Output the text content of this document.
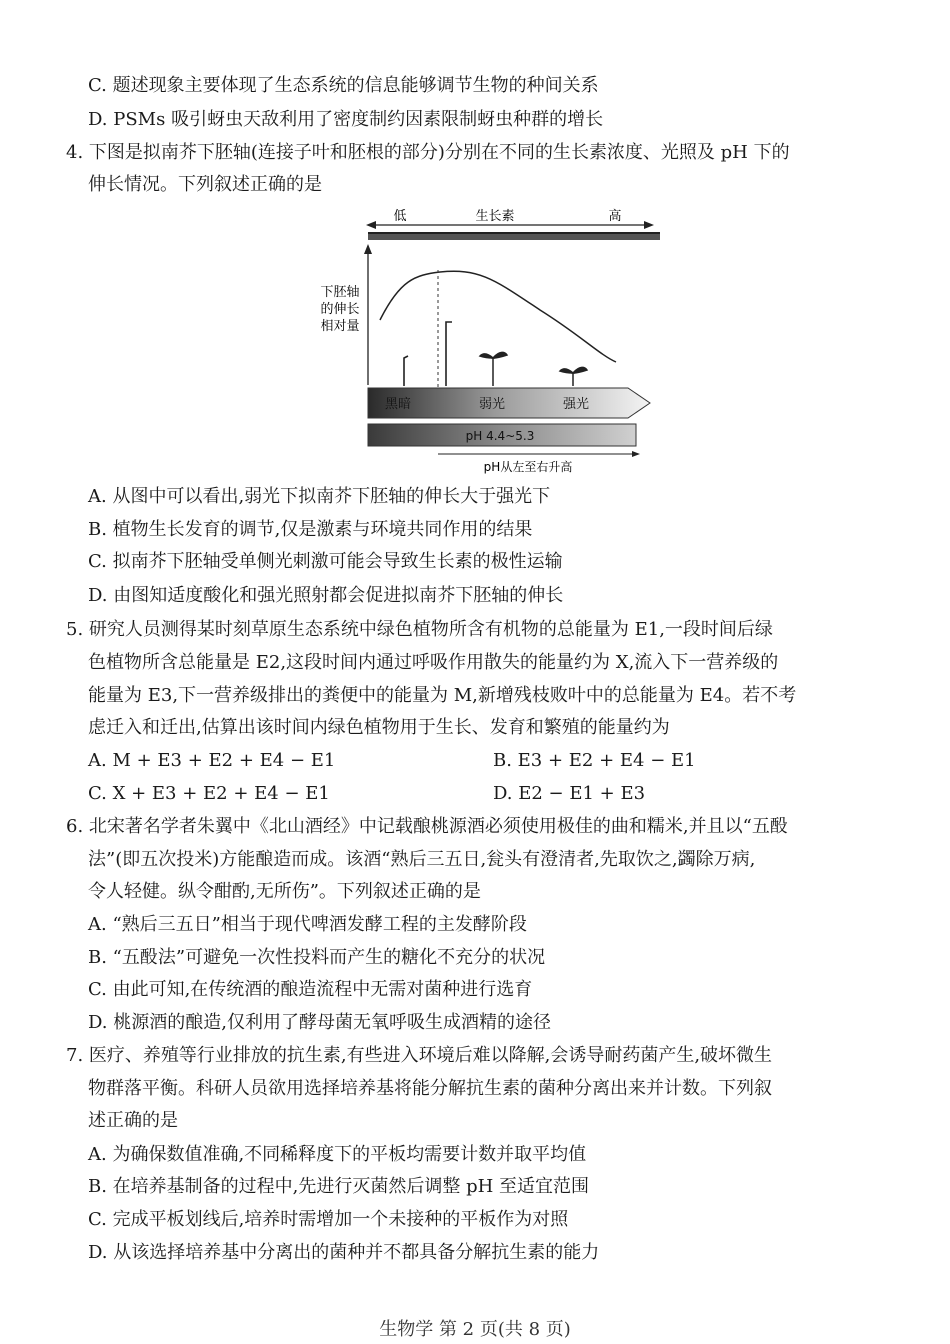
C. 题述现象主要体现了生态系统的信息能够调节生物的种间关系
D. PSMs 吸引蚜虫天敌利用了密度制约因素限制蚜虫种群的增长
4. 下图是拟南芥下胚轴(连接子叶和胚根的部分)分别在不同的生长素浓度、光照及 pH 下的
伸长情况。下列叙述正确的是
低	生长素	高
下胚轴
的伸长
相对量
黑暗	弱光	强光
pH 4.4~5.3
pH从左至右升高
A. 从图中可以看出,弱光下拟南芥下胚轴的伸长大于强光下
B. 植物生长发育的调节,仅是激素与环境共同作用的结果
C. 拟南芥下胚轴受单侧光刺激可能会导致生长素的极性运输
D. 由图知适度酸化和强光照射都会促进拟南芥下胚轴的伸长
5. 研究人员测得某时刻草原生态系统中绿色植物所含有机物的总能量为 E1,一段时间后绿
色植物所含总能量是 E2,这段时间内通过呼吸作用散失的能量约为 X,流入下一营养级的
能量为 E3,下一营养级排出的粪便中的能量为 M,新增残枝败叶中的总能量为 E4。若不考
虑迁入和迁出,估算出该时间内绿色植物用于生长、发育和繁殖的能量约为
A. M + E3 + E2 + E4 − E1	B. E3 + E2 + E4 − E1
C. X + E3 + E2 + E4 − E1	D. E2 − E1 + E3
6. 北宋著名学者朱翼中《北山酒经》中记载酿桃源酒必须使用极佳的曲和糯米,并且以“五酘
法”(即五次投米)方能酿造而成。该酒“熟后三五日,瓮头有澄清者,先取饮之,蠲除万病,
令人轻健。纵令酣酌,无所伤”。下列叙述正确的是
A. “熟后三五日”相当于现代啤酒发酵工程的主发酵阶段
B. “五酘法”可避免一次性投料而产生的糖化不充分的状况
C. 由此可知,在传统酒的酿造流程中无需对菌种进行选育
D. 桃源酒的酿造,仅利用了酵母菌无氧呼吸生成酒精的途径
7. 医疗、养殖等行业排放的抗生素,有些进入环境后难以降解,会诱导耐药菌产生,破坏微生
物群落平衡。科研人员欲用选择培养基将能分解抗生素的菌种分离出来并计数。下列叙
述正确的是
A. 为确保数值准确,不同稀释度下的平板均需要计数并取平均值
B. 在培养基制备的过程中,先进行灭菌然后调整 pH 至适宜范围
C. 完成平板划线后,培养时需增加一个未接种的平板作为对照
D. 从该选择培养基中分离出的菌种并不都具备分解抗生素的能力
生物学 第 2 页(共 8 页)
